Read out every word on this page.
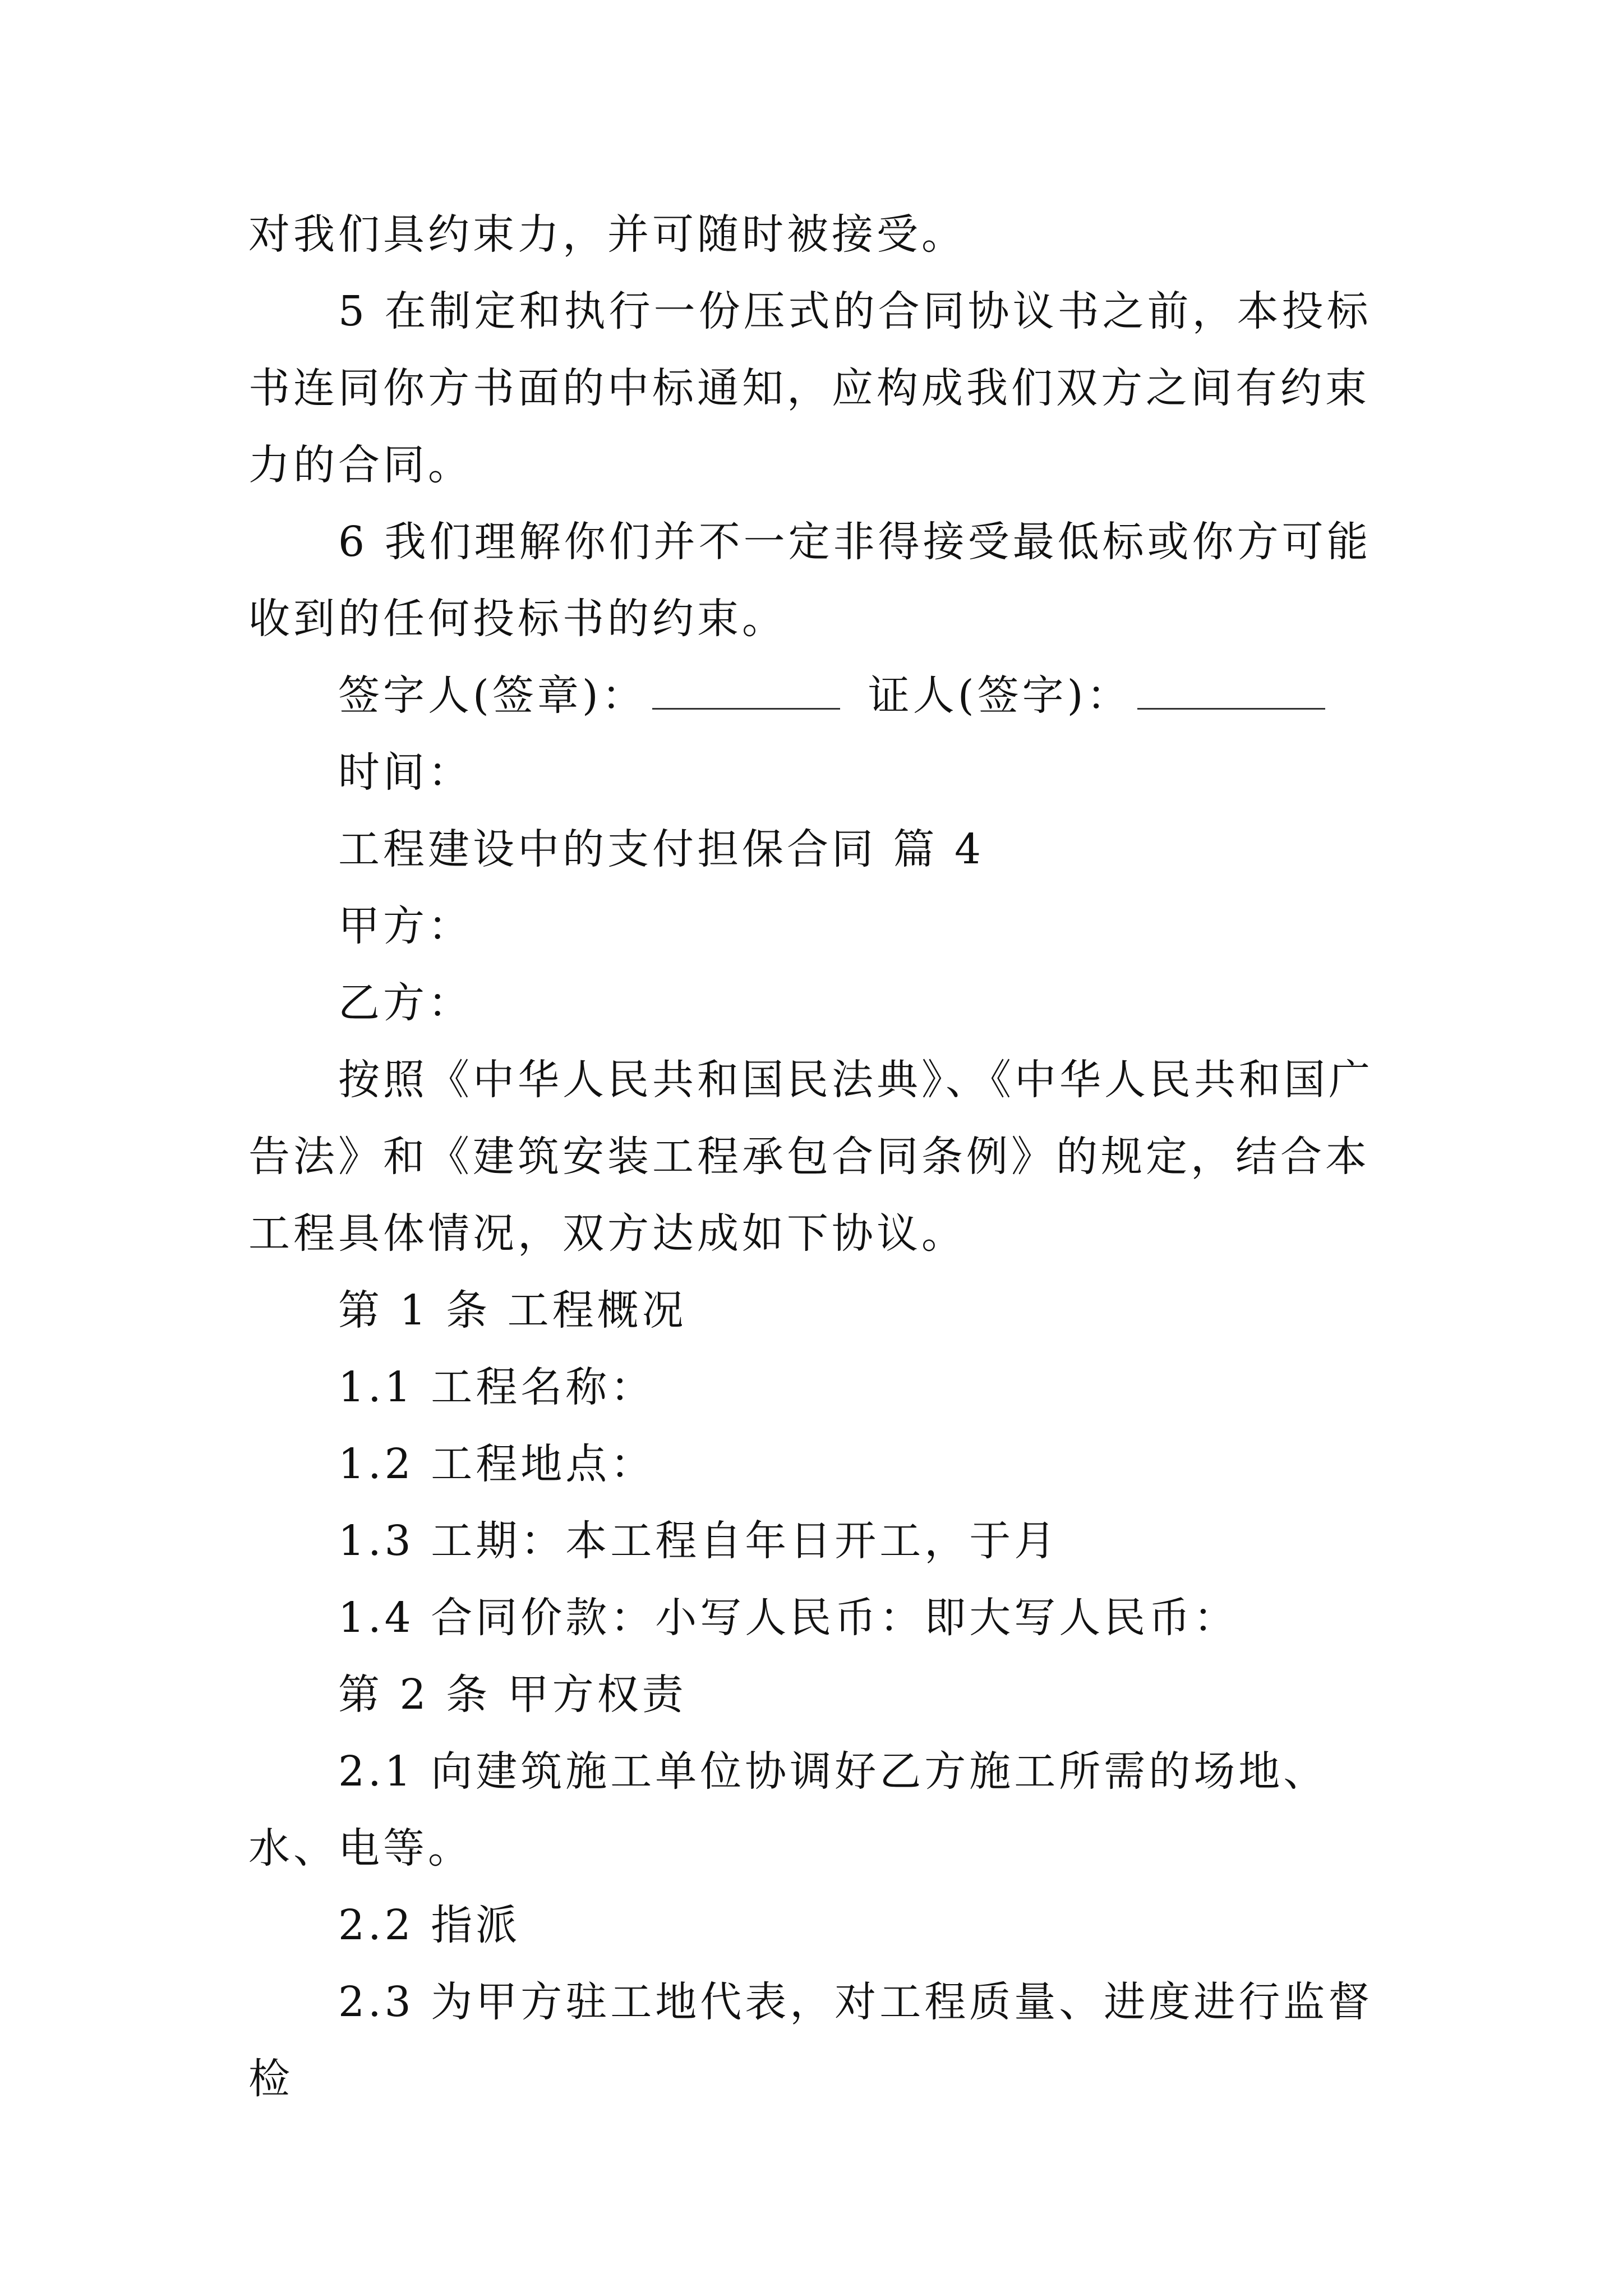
对我们具约束力，并可随时被接受。

5 在制定和执行一份压式的合同协议书之前，本投标书连同你方书面的中标通知，应构成我们双方之间有约束力的合同。

6 我们理解你们并不一定非得接受最低标或你方可能收到的任何投标书的约束。

签字人(签章)：	证人(签字)：

时间：

工程建设中的支付担保合同 篇 4

甲方：

乙方：

按照《中华人民共和国民法典》、《中华人民共和国广告法》和《建筑安装工程承包合同条例》的规定，结合本工程具体情况，双方达成如下协议。

第 1 条 工程概况

1.1 工程名称：

1.2 工程地点：

1.3 工期：本工程自年日开工，于月

1.4 合同价款：小写人民币：即大写人民币：

第 2 条 甲方权责

2.1 向建筑施工单位协调好乙方施工所需的场地、水、电等。

2.2 指派

2.3 为甲方驻工地代表，对工程质量、进度进行监督检
